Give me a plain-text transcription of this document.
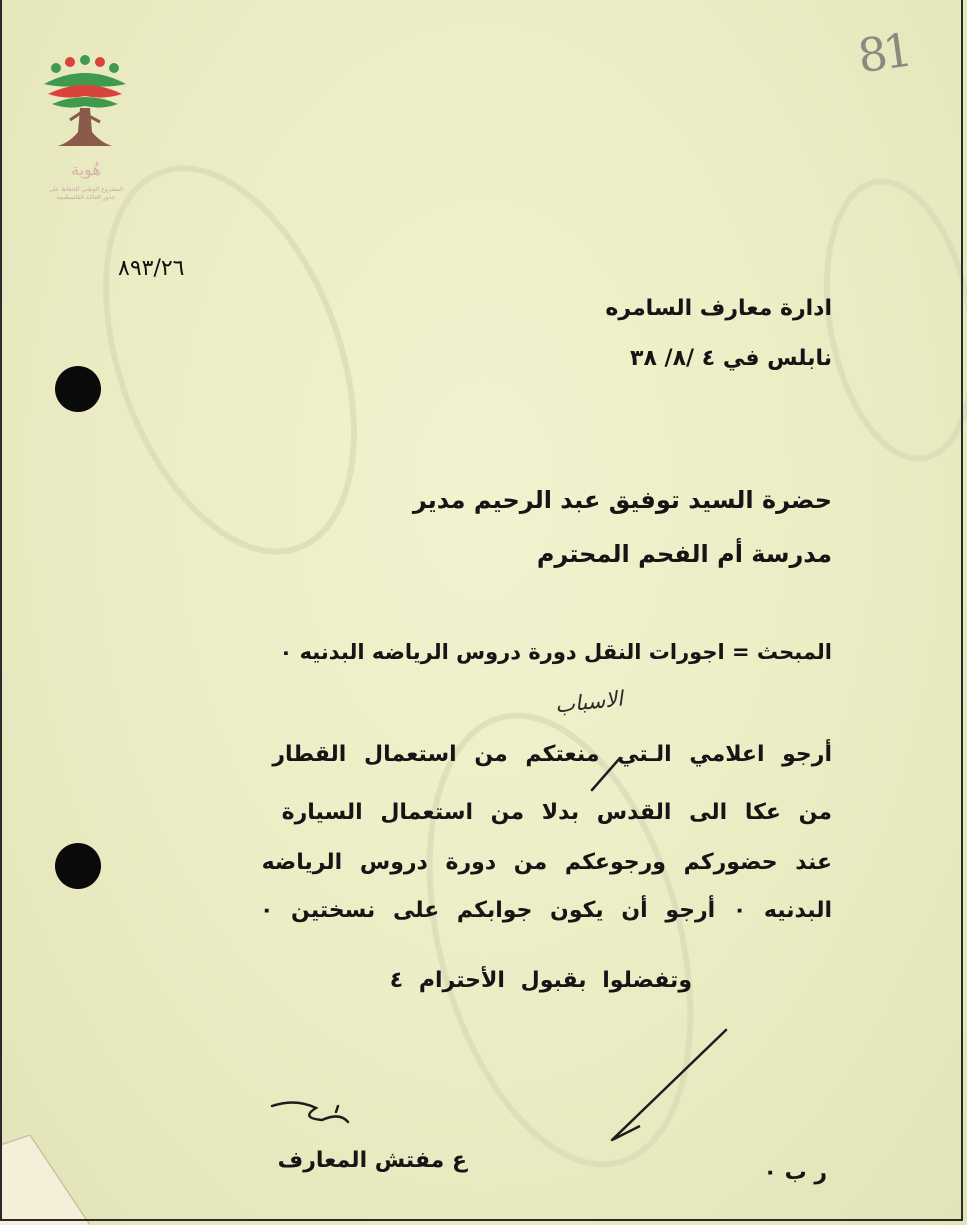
هُوية
المشروع الوطني للحفاظ على
جذور العائلة الفلسطينية
81
٨٩٣/٢٦
ادارة معارف السامره
نابلس في ٤ /٨/ ٣٨
حضرة السيد توفيق عبد الرحيم مدير
مدرسة أم الفحم المحترم
المبحث = اجورات النقل دورة دروس الرياضه البدنيه ٠
الاسباب
أرجو اعلامي الـتي منعتكم من استعمال القطار
من عكا الى القدس بدلا من استعمال السيارة
عند حضوركم ورجوعكم من دورة دروس الرياضه
البدنيه ٠ أرجو أن يكون جوابكم على نسختين ٠
وتفضلوا بقبول الأحترام ٤
ع مفتش المعارف	ر ب ٠
